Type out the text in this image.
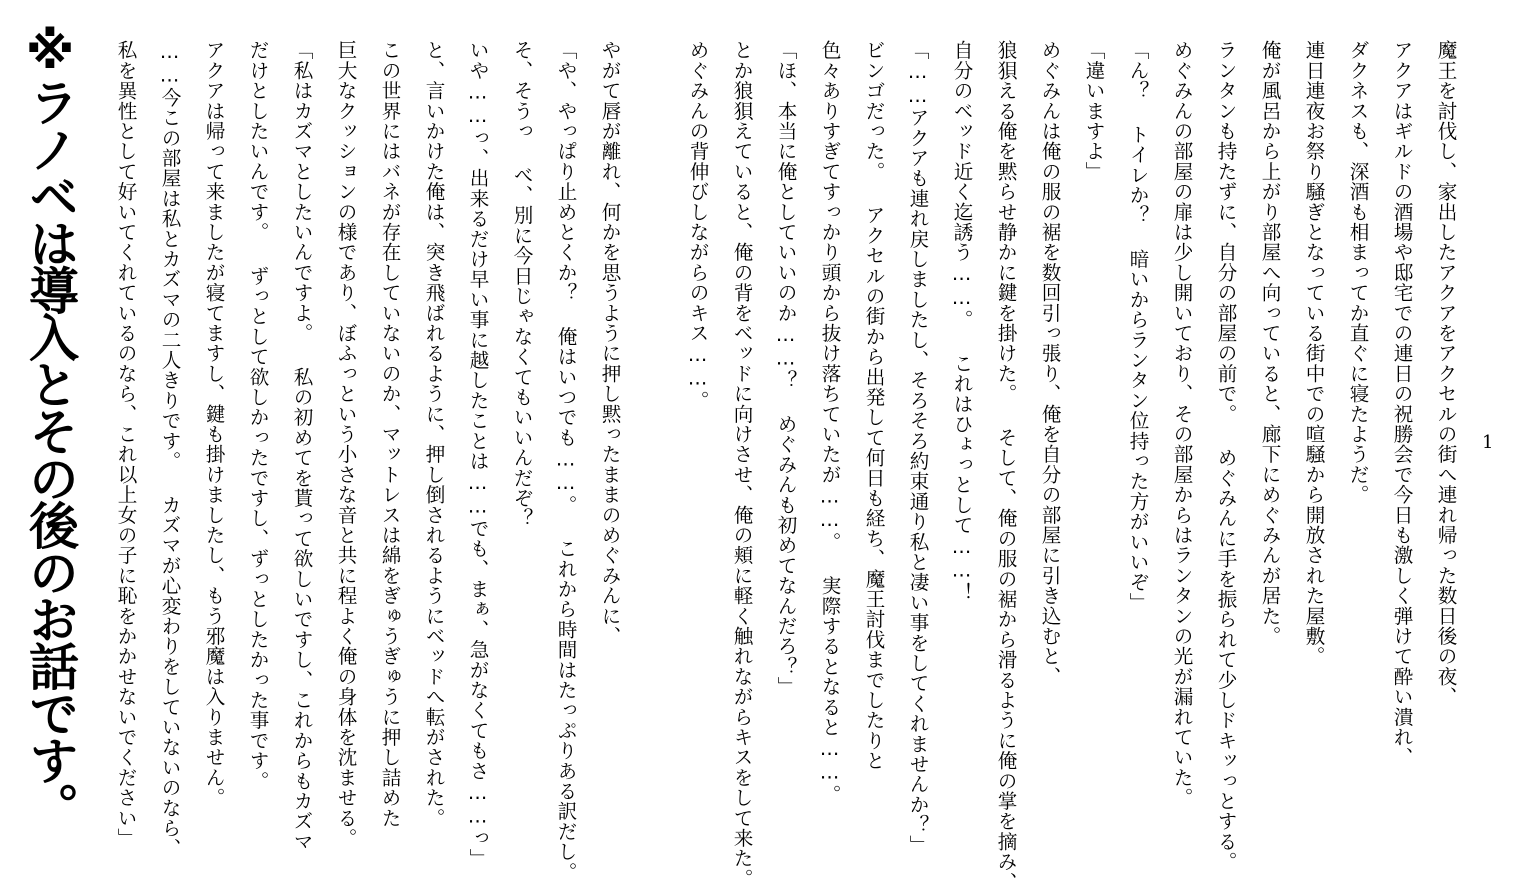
1
魔王を討伐し、家出したアクアをアクセルの街へ連れ帰った数日後の夜、
アクアはギルドの酒場や邸宅での連日の祝勝会で今日も激しく弾けて酔い潰れ、
ダクネスも、深酒も相まってか直ぐに寝たようだ。
連日連夜お祭り騒ぎとなっている街中での喧騒から開放された屋敷。
俺が風呂から上がり部屋へ向っていると、廊下にめぐみんが居た。
ランタンも持たずに、自分の部屋の前で。 めぐみんに手を振られて少しドキッっとする。
めぐみんの部屋の扉は少し開いており、その部屋からはランタンの光が漏れていた。
「ん？ トイレか？ 暗いからランタン位持った方がいいぞ」
「違いますよ」
めぐみんは俺の服の裾を数回引っ張り、俺を自分の部屋に引き込むと、
狼狽える俺を黙らせ静かに鍵を掛けた。 そして、俺の服の裾から滑るように俺の掌を摘み、
自分のベッド近く迄誘う……。 これはひょっとして……！
「……アクアも連れ戻しましたし、そろそろ約束通り私と凄い事をしてくれませんか？」
ビンゴだった。 アクセルの街から出発して何日も経ち、魔王討伐までしたりと
色々ありすぎてすっかり頭から抜け落ちていたが……。 実際するとなると……。
「ほ、本当に俺としていいのか……？ めぐみんも初めてなんだろ？」
とか狼狽えていると、俺の背をベッドに向けさせ、俺の頬に軽く触れながらキスをして来た。
めぐみんの背伸びしながらのキス……。
やがて唇が離れ、何かを思うように押し黙ったままのめぐみんに、
「や、やっぱり止めとくか？ 俺はいつでも……。 これから時間はたっぷりある訳だし。
そ、そうっ べ、別に今日じゃなくてもいいんだぞ？
いや……っ、出来るだけ早い事に越したことは……でも、まぁ、急がなくてもさ……っ」
と、言いかけた俺は、突き飛ばれるように、押し倒されるようにベッドへ転がされた。
この世界にはバネが存在していないのか、マットレスは綿をぎゅうぎゅうに押し詰めた
巨大なクッションの様であり、ぼふっという小さな音と共に程よく俺の身体を沈ませる。
「私はカズマとしたいんですよ。 私の初めてを貰って欲しいですし、これからもカズマ
だけとしたいんです。 ずっとして欲しかったですし、ずっとしたかった事です。
アクアは帰って来ましたが寝てますし、鍵も掛けましたし、もう邪魔は入りません。
……今この部屋は私とカズマの二人きりです。 カズマが心変わりをしていないのなら、
私を異性として好いてくれているのなら、これ以上女の子に恥をかかせないでください」
※ラノベは導入とその後のお話です。
